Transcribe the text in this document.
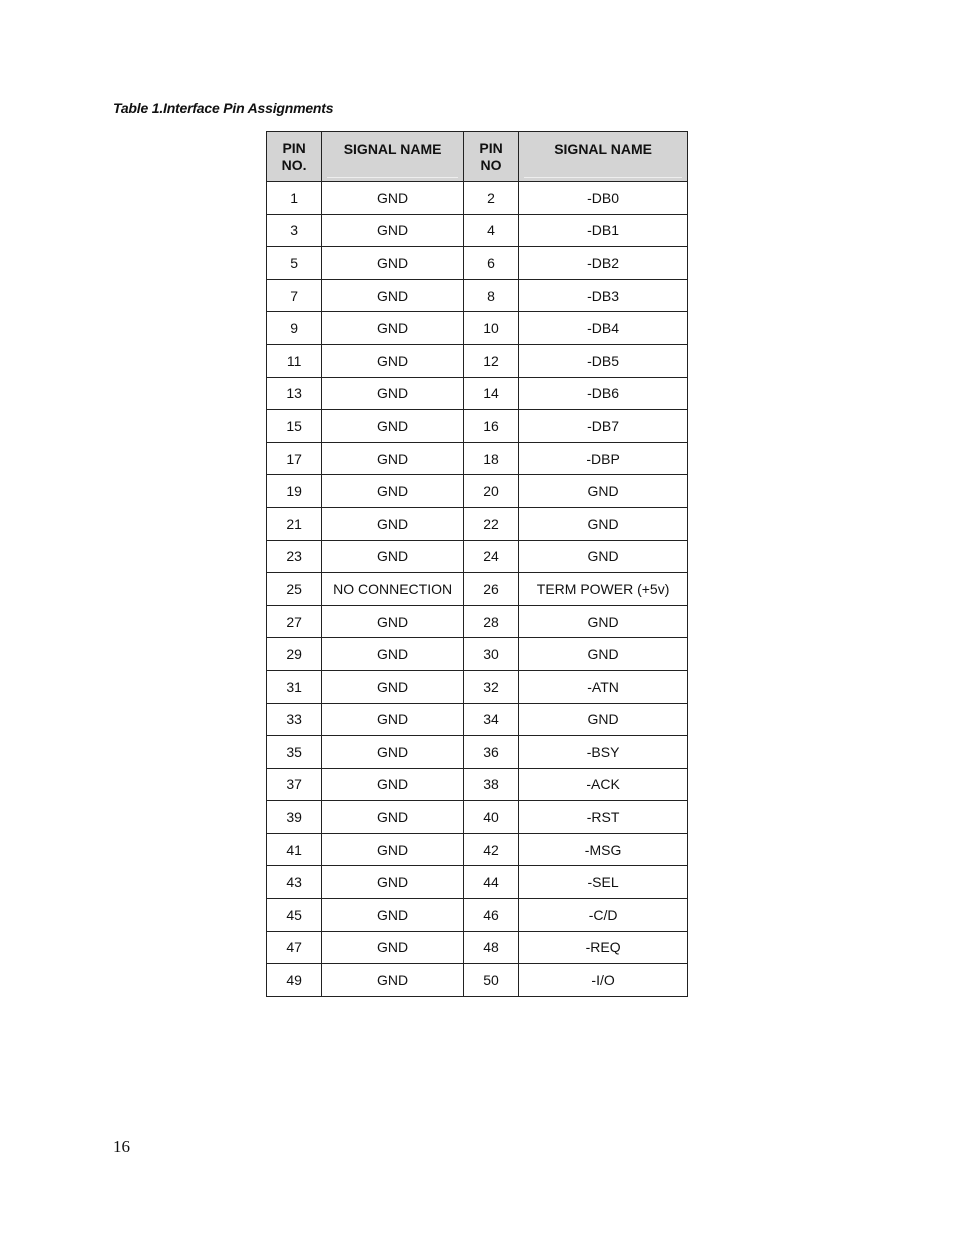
Table 1.Interface Pin Assignments
PIN NO.	SIGNAL NAME	PIN NO	SIGNAL NAME

1	GND	2	-DB0
3	GND	4	-DB1
5	GND	6	-DB2
7	GND	8	-DB3
9	GND	10	-DB4
11	GND	12	-DB5
13	GND	14	-DB6
15	GND	16	-DB7
17	GND	18	-DBP
19	GND	20	GND
21	GND	22	GND
23	GND	24	GND
25	NO CONNECTION	26	TERM POWER (+5v)
27	GND	28	GND
29	GND	30	GND
31	GND	32	-ATN
33	GND	34	GND
35	GND	36	-BSY
37	GND	38	-ACK
39	GND	40	-RST
41	GND	42	-MSG
43	GND	44	-SEL
45	GND	46	-C/D
47	GND	48	-REQ
49	GND	50	-I/O
16
